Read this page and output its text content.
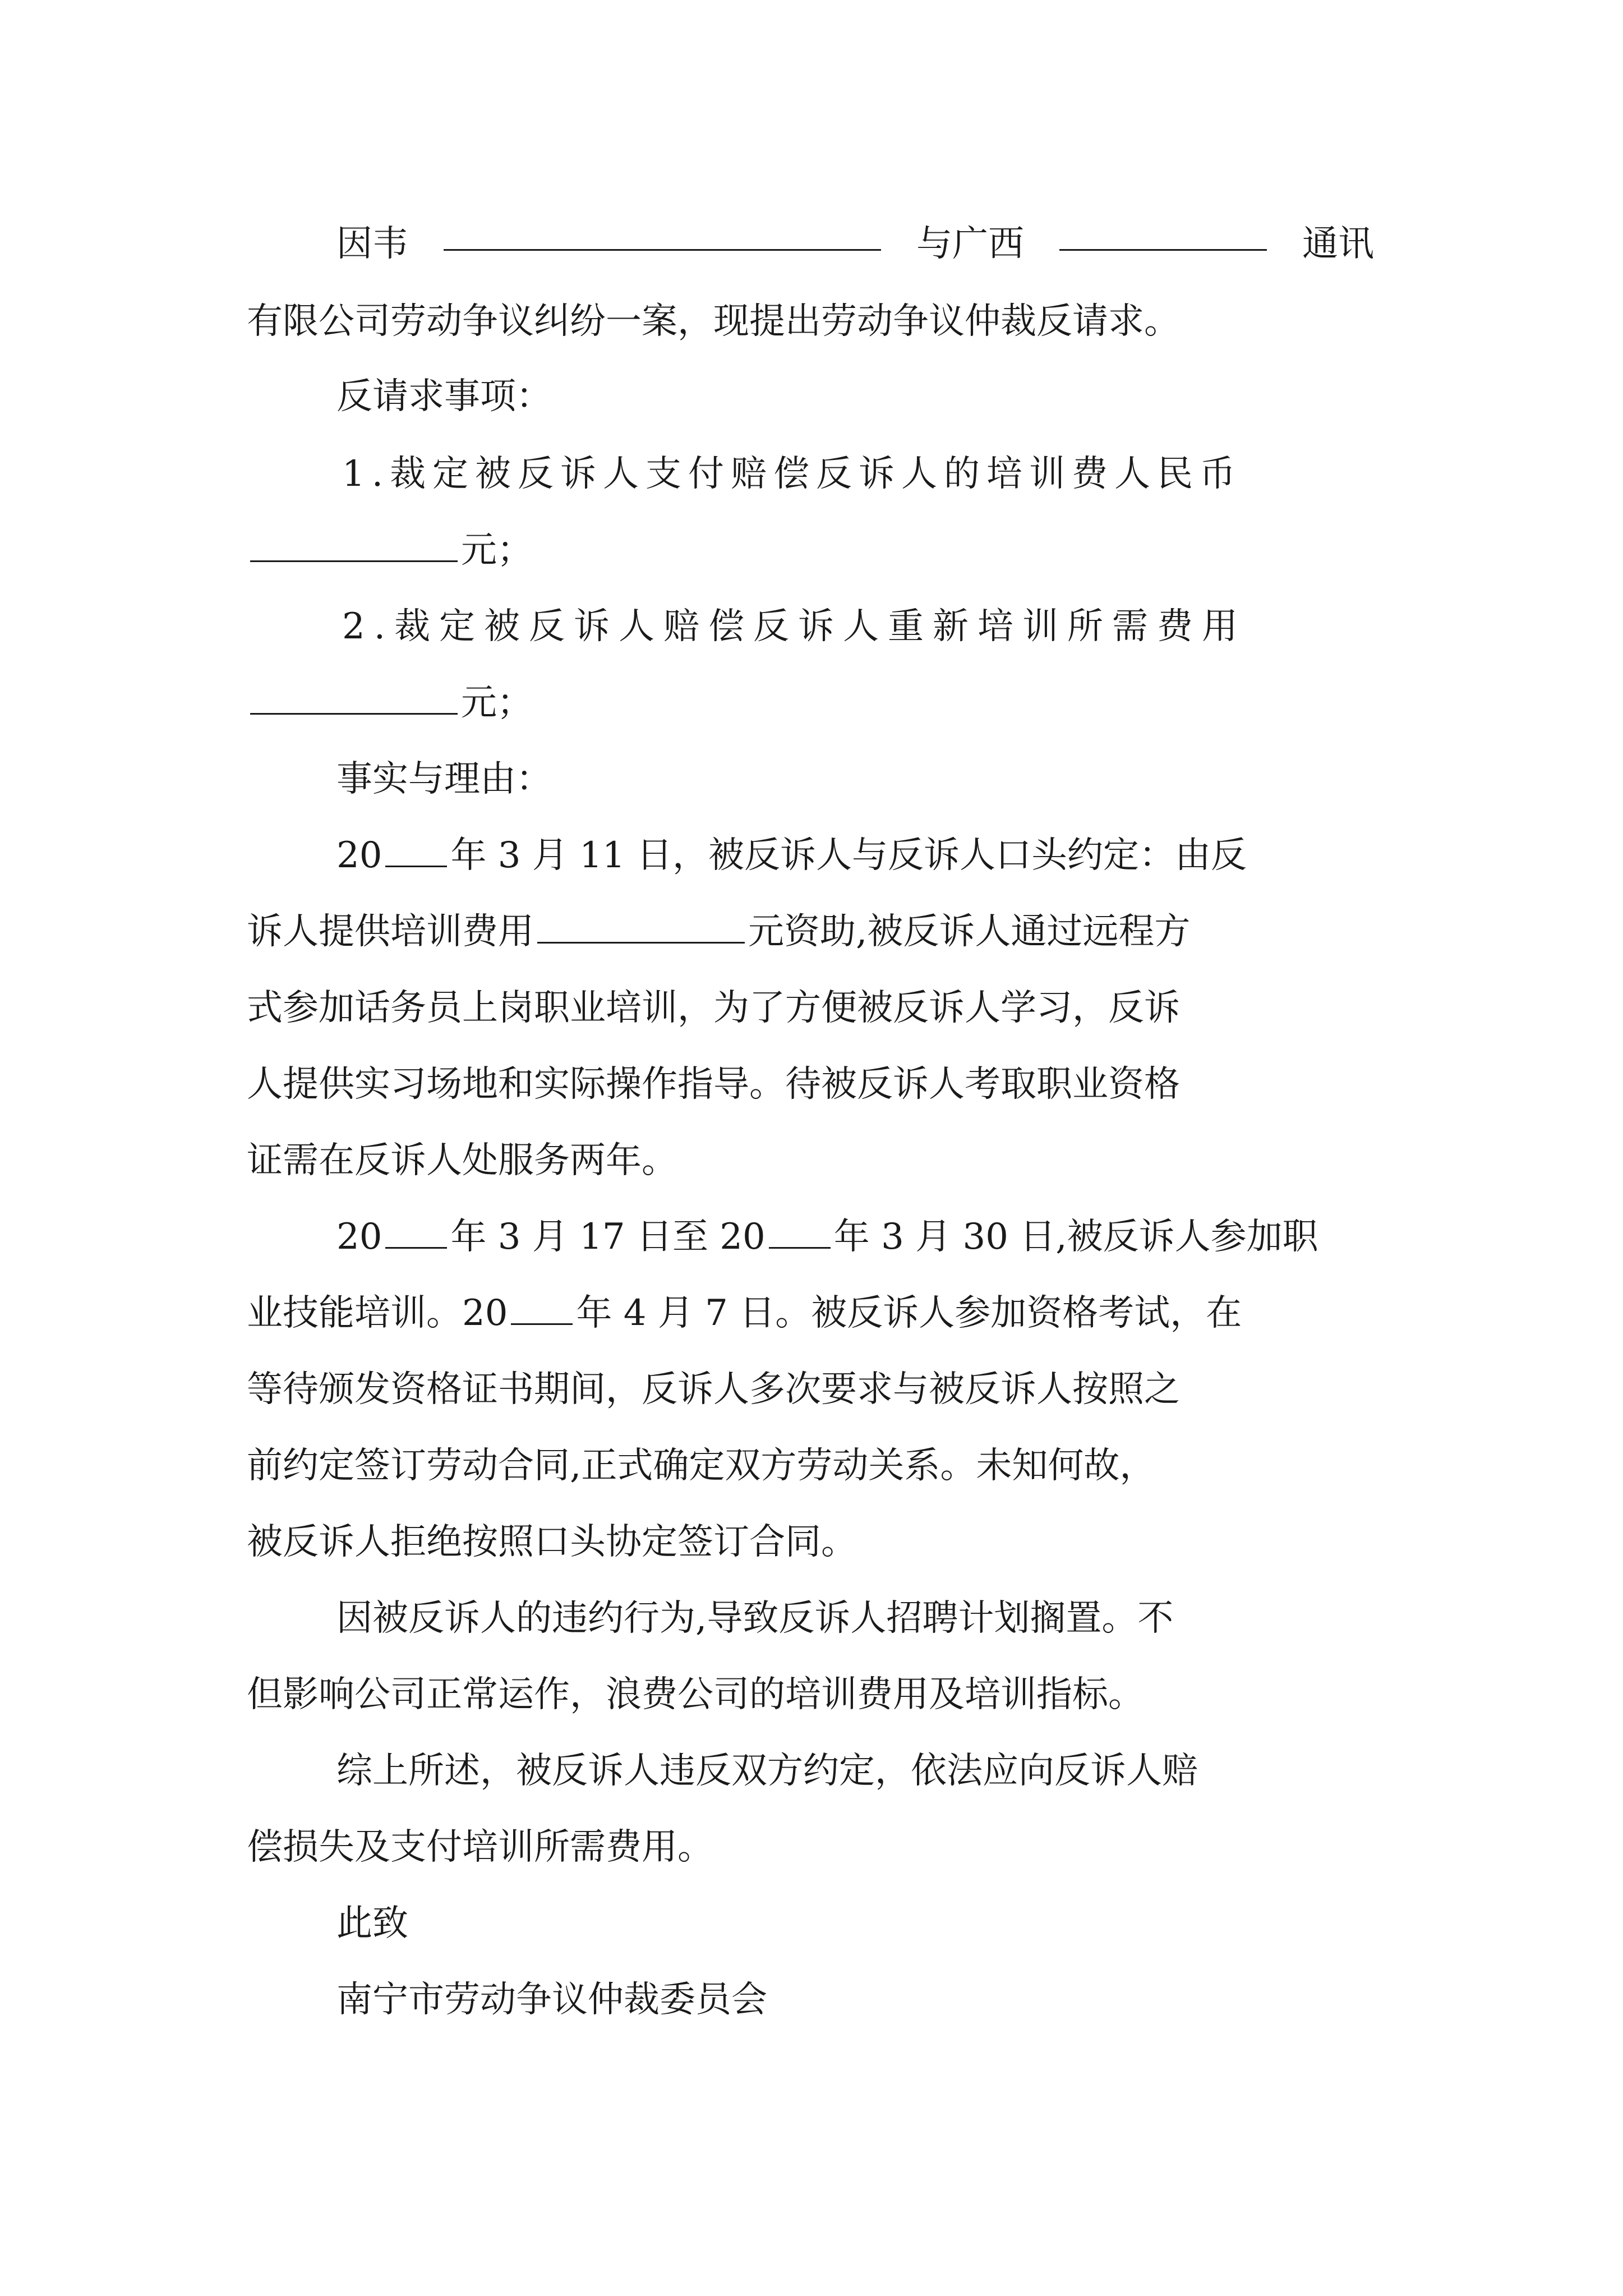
因韦	与广西	通讯
有限公司劳动争议纠纷一案，现提出劳动争议仲裁反请求。
反请求事项：
1.裁定被反诉人支付赔偿反诉人的培训费人民币
元；
2.裁定被反诉人赔偿反诉人重新培训所需费用
元；
事实与理由：
20 年 3 月 11 日，被反诉人与反诉人口头约定：由反
诉人提供培训费用	元资助,被反诉人通过远程方
式参加话务员上岗职业培训，为了方便被反诉人学习，反诉
人提供实习场地和实际操作指导。待被反诉人考取职业资格
证需在反诉人处服务两年。
20 年 3 月 17 日至 20 年 3 月 30 日,被反诉人参加职
业技能培训。20 年 4 月 7 日。被反诉人参加资格考试，在
等待颁发资格证书期间，反诉人多次要求与被反诉人按照之
前约定签订劳动合同,正式确定双方劳动关系。未知何故，
被反诉人拒绝按照口头协定签订合同。
因被反诉人的违约行为,导致反诉人招聘计划搁置。不
但影响公司正常运作，浪费公司的培训费用及培训指标。
综上所述，被反诉人违反双方约定，依法应向反诉人赔
偿损失及支付培训所需费用。
此致
南宁市劳动争议仲裁委员会
